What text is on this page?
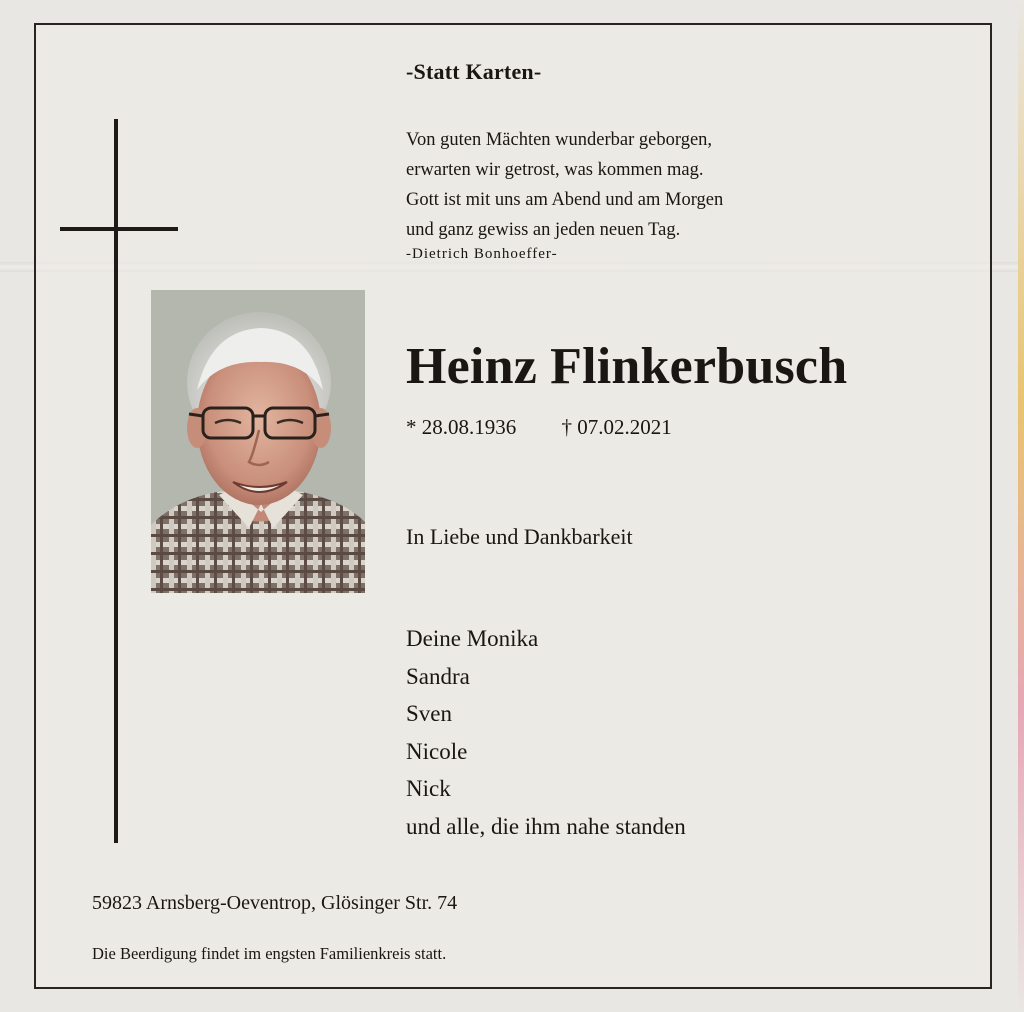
-Statt Karten-
Von guten Mächten wunderbar geborgen,
erwarten wir getrost, was kommen mag.
Gott ist mit uns am Abend und am Morgen
und ganz gewiss an jeden neuen Tag.
-Dietrich Bonhoeffer-
Heinz Flinkerbusch
* 28.08.1936 † 07.02.2021
In Liebe und Dankbarkeit
Deine Monika
Sandra
Sven
Nicole
Nick
und alle, die ihm nahe standen
59823 Arnsberg-Oeventrop, Glösinger Str. 74
Die Beerdigung findet im engsten Familienkreis statt.
